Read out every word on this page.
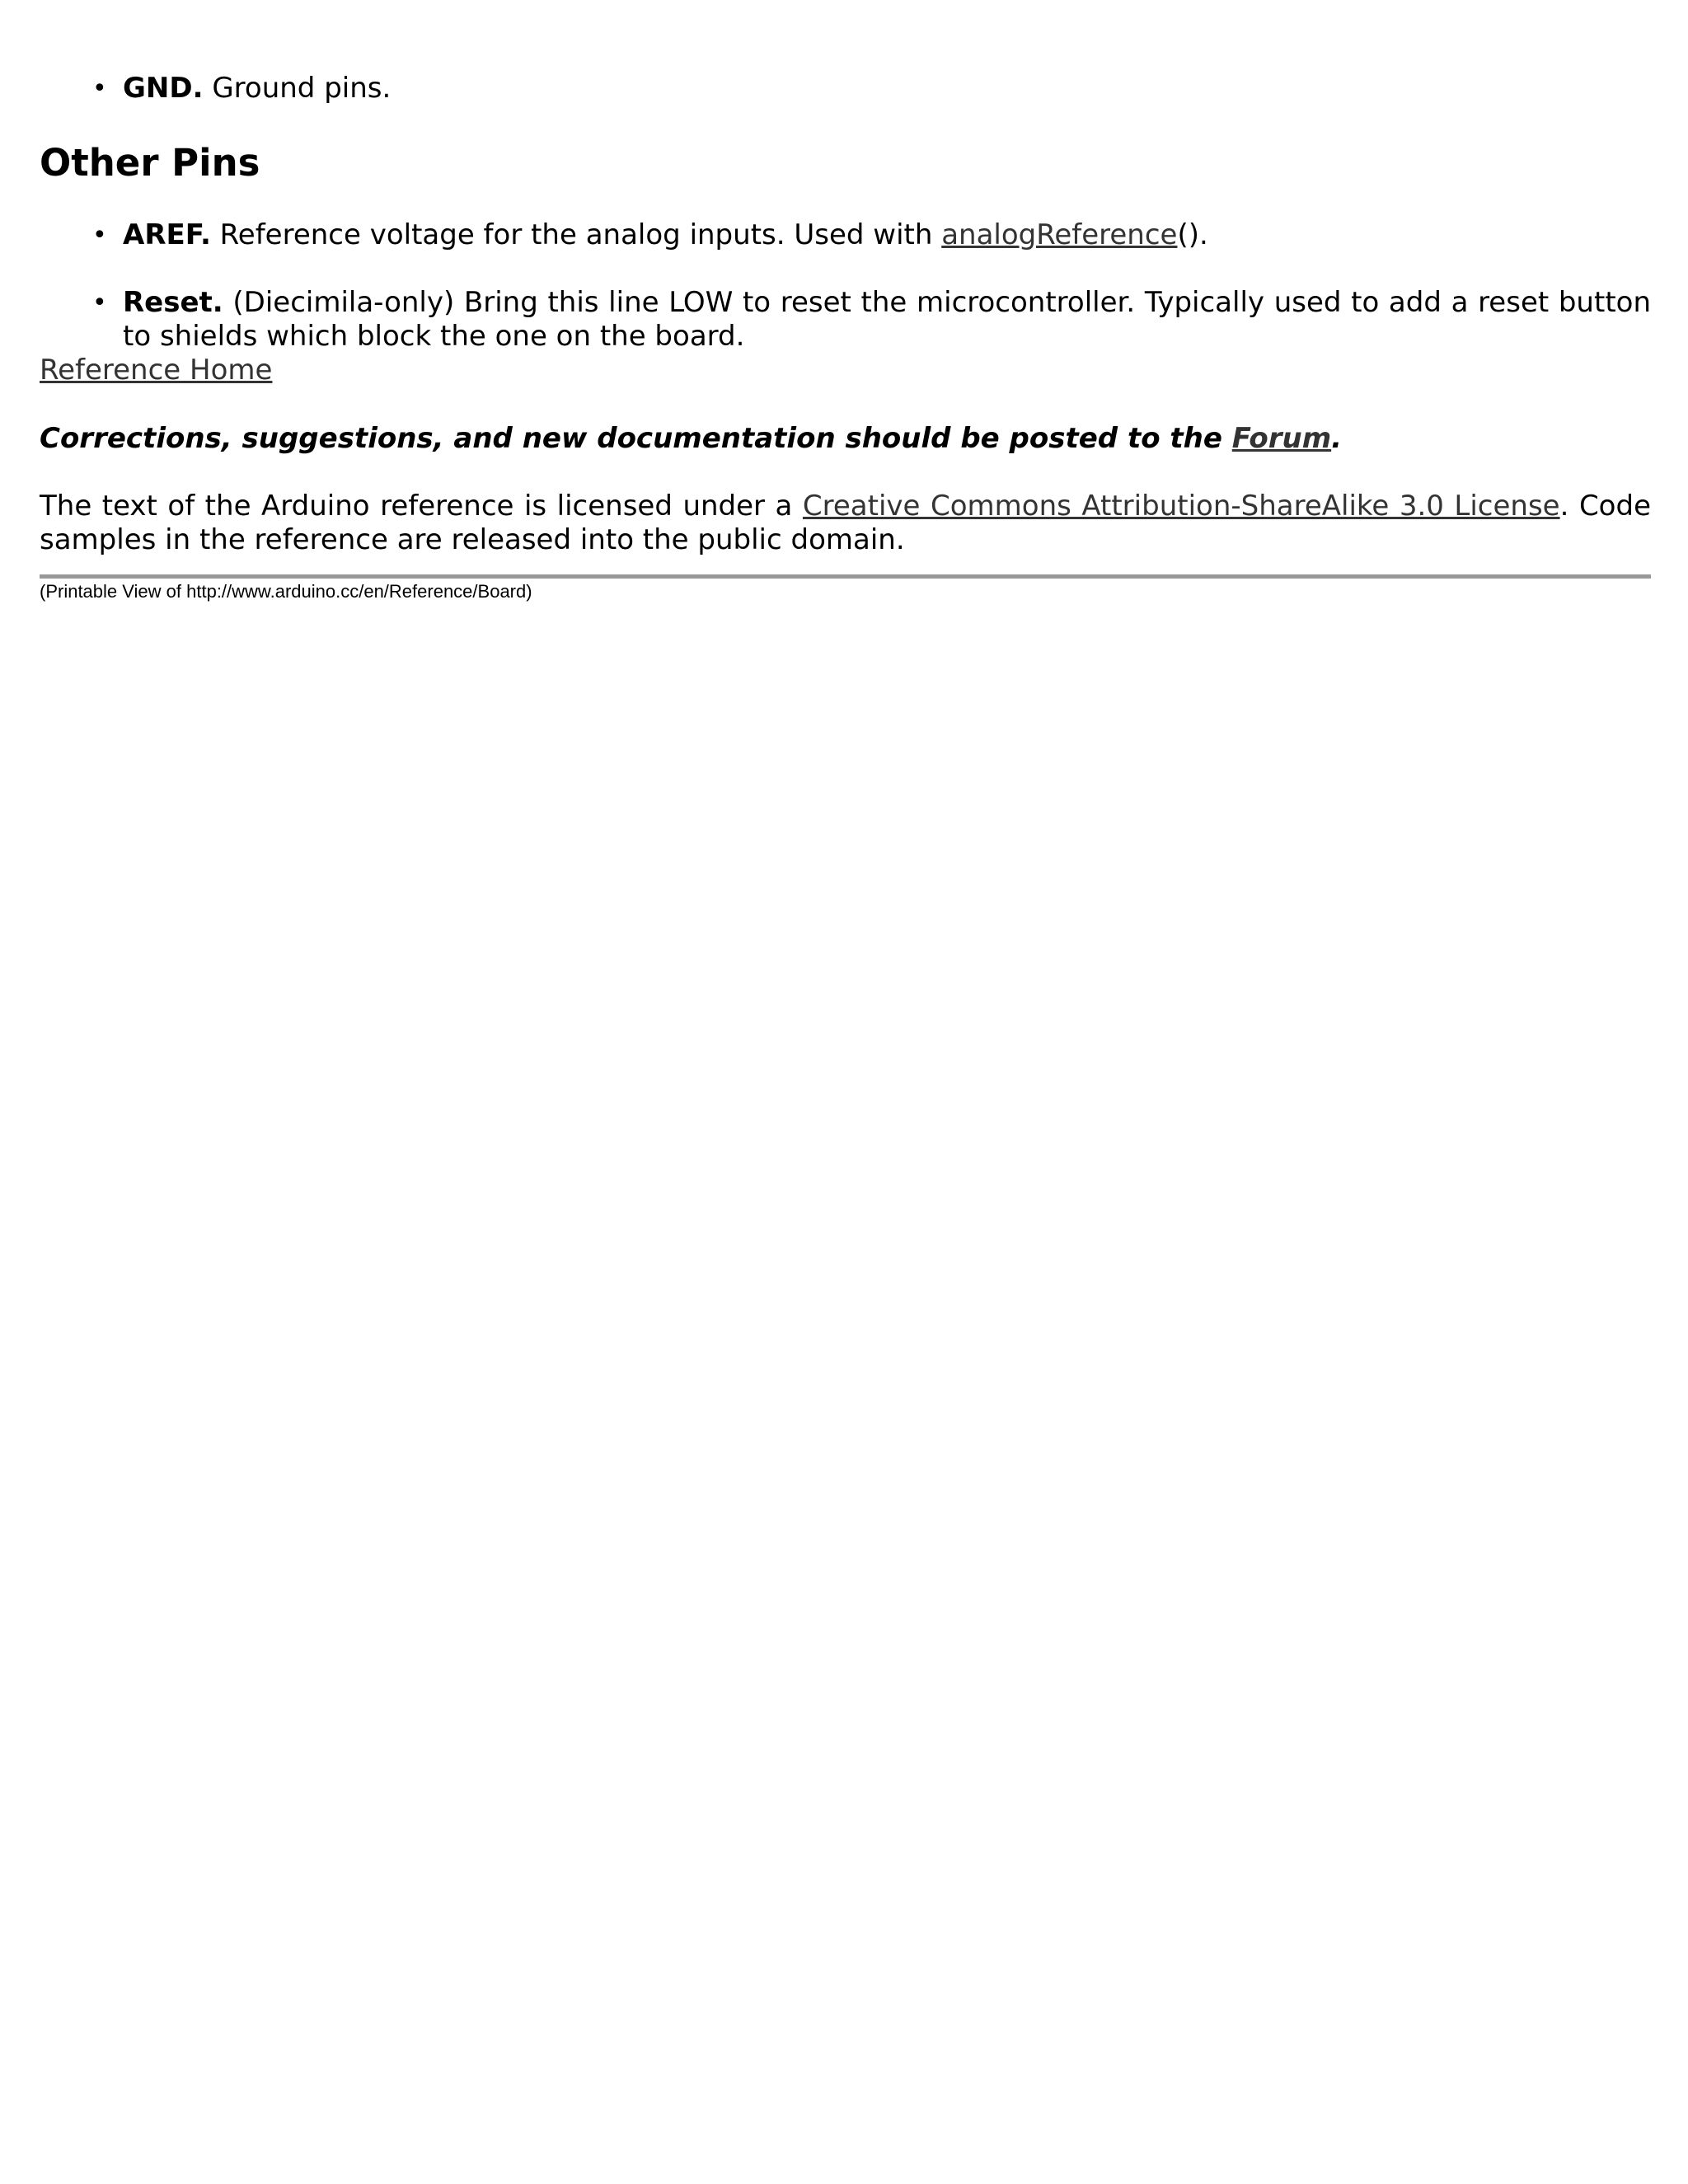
• GND. Ground pins.
Other Pins
• AREF. Reference voltage for the analog inputs. Used with analogReference().
• Reset. (Diecimila-only) Bring this line LOW to reset the microcontroller. Typically used to add a reset button to shields which block the one on the board.
Reference Home
Corrections, suggestions, and new documentation should be posted to the Forum.
The text of the Arduino reference is licensed under a Creative Commons Attribution-ShareAlike 3.0 License. Code samples in the reference are released into the public domain.
(Printable View of http://www.arduino.cc/en/Reference/Board)
